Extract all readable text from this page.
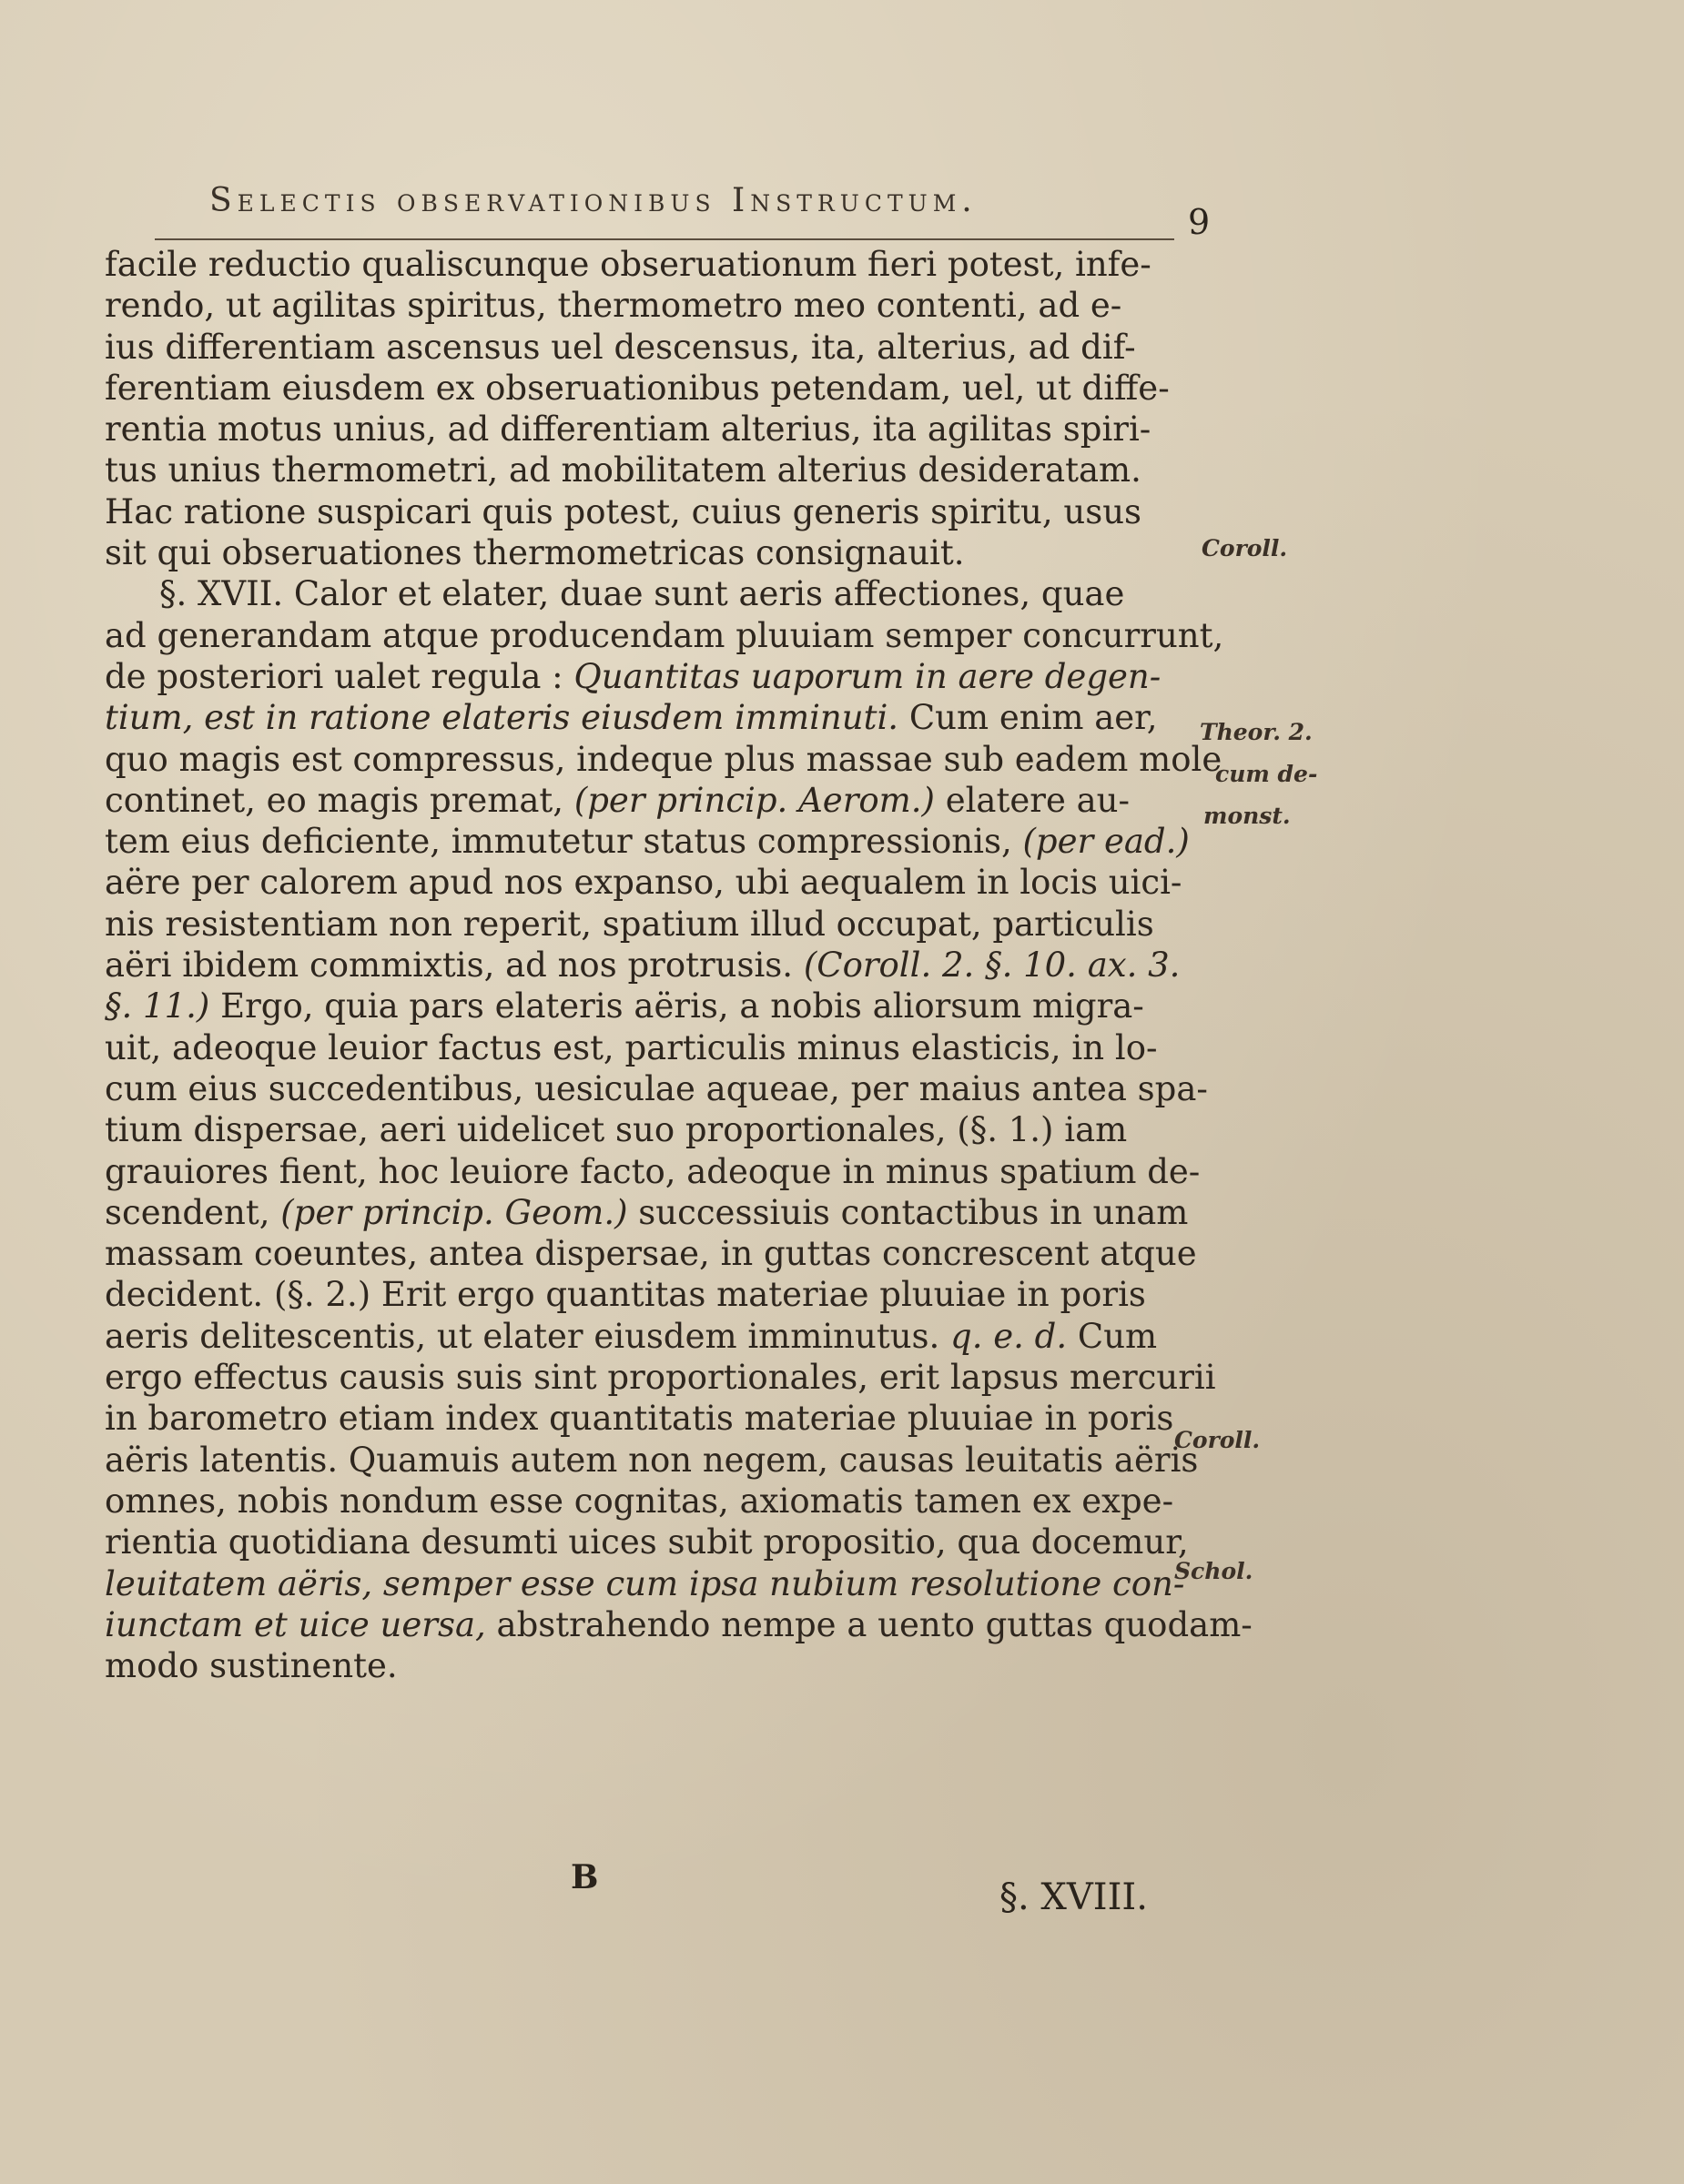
Selectis observationibus Instructum.
9
facile reductio qualiscunque obseruationum fieri potest, infe-
rendo, ut agilitas spiritus, thermometro meo contenti, ad e-
ius differentiam ascensus uel descensus, ita, alterius, ad dif-
ferentiam eiusdem ex obseruationibus petendam, uel, ut diffe-
rentia motus unius, ad differentiam alterius, ita agilitas spiri-
tus unius thermometri, ad mobilitatem alterius desideratam.
Hac ratione suspicari quis potest, cuius generis spiritu, usus
sit qui obseruationes thermometricas consignauit.
§. XVII. Calor et elater, duae sunt aeris affectiones, quae
ad generandam atque producendam pluuiam semper concurrunt,
de posteriori ualet regula : Quantitas uaporum in aere degen-
tium, est in ratione elateris eiusdem imminuti. Cum enim aer,
quo magis est compressus, indeque plus massae sub eadem mole
continet, eo magis premat, (per princip. Aerom.) elatere au-
tem eius deficiente, immutetur status compressionis, (per ead.)
aëre per calorem apud nos expanso, ubi aequalem in locis uici-
nis resistentiam non reperit, spatium illud occupat, particulis
aëri ibidem commixtis, ad nos protrusis. (Coroll. 2. §. 10. ax. 3.
§. 11.) Ergo, quia pars elateris aëris, a nobis aliorsum migra-
uit, adeoque leuior factus est, particulis minus elasticis, in lo-
cum eius succedentibus, uesiculae aqueae, per maius antea spa-
tium dispersae, aeri uidelicet suo proportionales, (§. 1.) iam
grauiores fient, hoc leuiore facto, adeoque in minus spatium de-
scendent, (per princip. Geom.) successiuis contactibus in unam
massam coeuntes, antea dispersae, in guttas concrescent atque
decident. (§. 2.) Erit ergo quantitas materiae pluuiae in poris
aeris delitescentis, ut elater eiusdem imminutus. q. e. d. Cum
ergo effectus causis suis sint proportionales, erit lapsus mercurii
in barometro etiam index quantitatis materiae pluuiae in poris
aëris latentis. Quamuis autem non negem, causas leuitatis aëris
omnes, nobis nondum esse cognitas, axiomatis tamen ex expe-
rientia quotidiana desumti uices subit propositio, qua docemur,
leuitatem aëris, semper esse cum ipsa nubium resolutione con-
iunctam et uice uersa, abstrahendo nempe a uento guttas quodam-
modo sustinente.
Coroll.
Theor. 2.
cum de-
monst.
Coroll.
Schol.
B	§. XVIII.
